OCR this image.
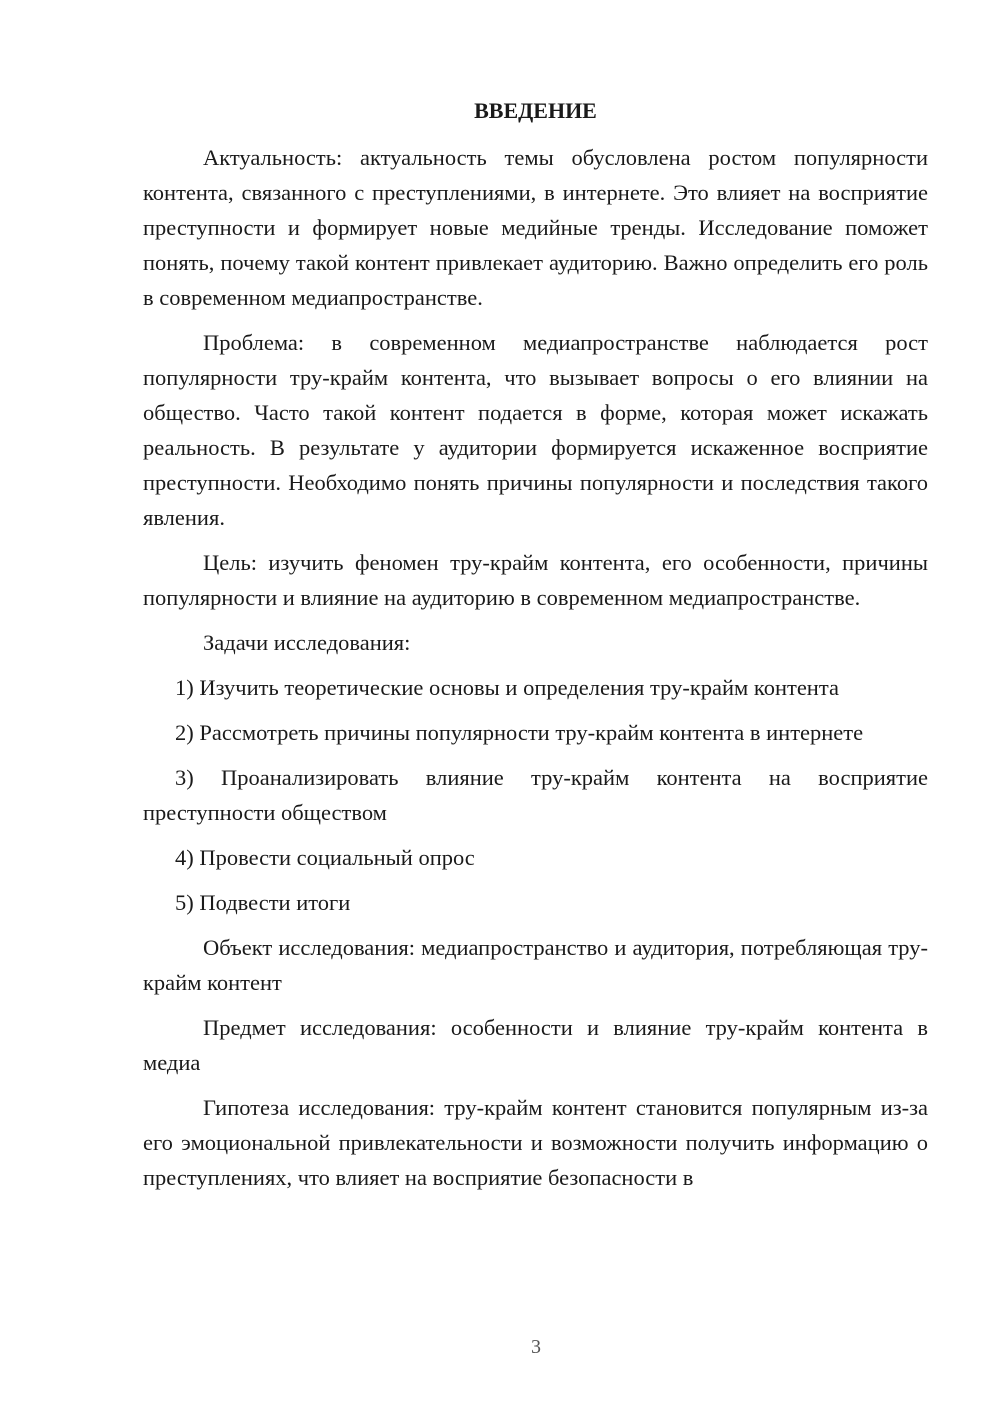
ВВЕДЕНИЕ

Актуальность: актуальность темы обусловлена ростом популярности контента, связанного с преступлениями, в интернете. Это влияет на восприятие преступности и формирует новые медийные тренды. Исследование поможет понять, почему такой контент привлекает аудиторию. Важно определить его роль в современном медиапространстве.

Проблема: в современном медиапространстве наблюдается рост популярности тру-крайм контента, что вызывает вопросы о его влиянии на общество. Часто такой контент подается в форме, которая может искажать реальность. В результате у аудитории формируется искаженное восприятие преступности. Необходимо понять причины популярности и последствия такого явления.

Цель: изучить феномен тру-крайм контента, его особенности, причины популярности и влияние на аудиторию в современном медиапространстве.

Задачи исследования:

1) Изучить теоретические основы и определения тру-крайм контента

2) Рассмотреть причины популярности тру-крайм контента в интернете

3) Проанализировать влияние тру-крайм контента на восприятие преступности обществом

4) Провести социальный опрос

5) Подвести итоги

Объект исследования: медиапространство и аудитория, потребляющая тру-крайм контент

Предмет исследования: особенности и влияние тру-крайм контента в медиа

Гипотеза исследования: тру-крайм контент становится популярным из-за его эмоциональной привлекательности и возможности получить информацию о преступлениях, что влияет на восприятие безопасности в

3
